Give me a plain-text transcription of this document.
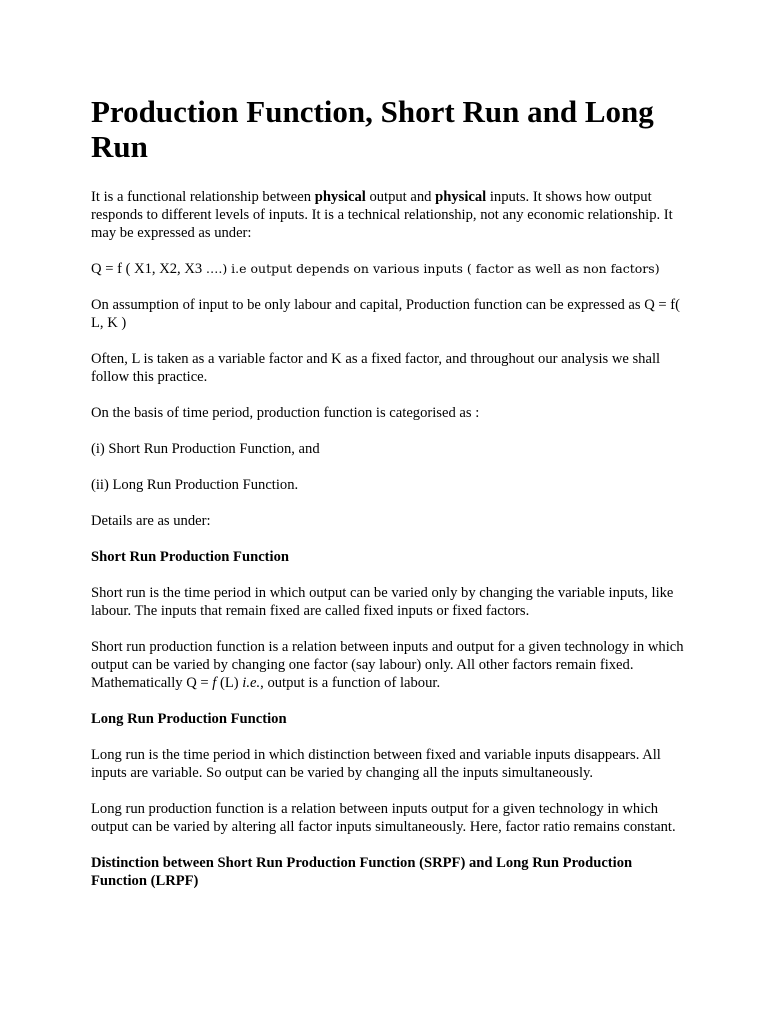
Production Function, Short Run and Long Run

It is a functional relationship between physical output and physical inputs. It shows how output responds to different levels of inputs. It is a technical relationship, not any economic relationship. It may be expressed as under:

Q = f ( X1, X2, X3 ….) i.e output depends on various inputs ( factor as well as non factors)

On assumption of input to be only labour and capital, Production function can be expressed as Q = f( L, K )

Often, L is taken as a variable factor and K as a fixed factor, and throughout our analysis we shall follow this practice.

On the basis of time period, production function is categorised as :

(i) Short Run Production Function, and

(ii) Long Run Production Function.

Details are as under:

Short Run Production Function

Short run is the time period in which output can be varied only by changing the variable inputs, like labour. The inputs that remain fixed are called fixed inputs or fixed factors.

Short run production function is a relation between inputs and output for a given technology in which output can be varied by changing one factor (say labour) only. All other factors remain fixed. Mathematically Q = f (L) i.e., output is a function of labour.

Long Run Production Function

Long run is the time period in which distinction between fixed and variable inputs disappears. All inputs are variable. So output can be varied by changing all the inputs simultaneously.

Long run production function is a relation between inputs output for a given technology in which output can be varied by altering all factor inputs simultaneously. Here, factor ratio remains constant.

Distinction between Short Run Production Function (SRPF) and Long Run Production Function (LRPF)
